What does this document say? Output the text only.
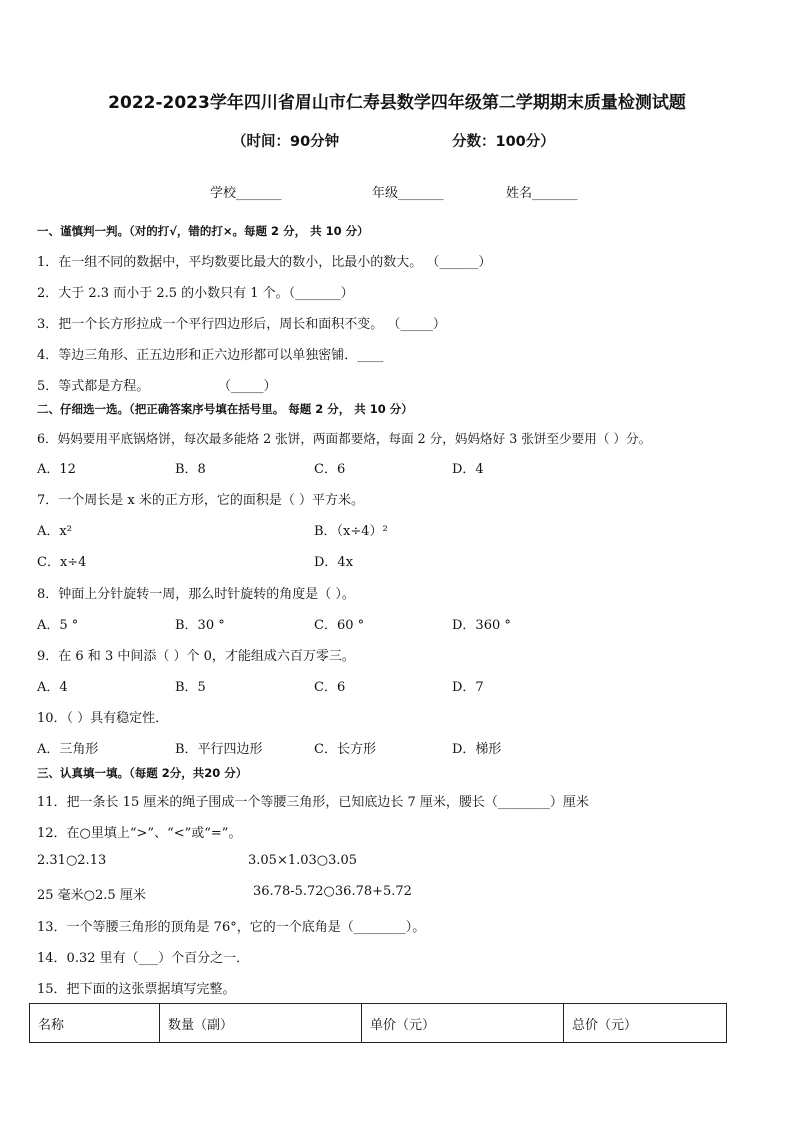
2022-2023学年四川省眉山市仁寿县数学四年级第二学期期末质量检测试题
（时间：90分钟	分数：100分）
学校_______	年级_______	姓名_______
一、谨慎判一判。（对的打√，错的打×。每题 2 分， 共 10 分）
1．在一组不同的数据中，平均数要比最大的数小，比最小的数大。 （______）
2．大于 2.3 而小于 2.5 的小数只有 1 个。（_______）
3．把一个长方形拉成一个平行四边形后，周长和面积不变。 （_____）
4．等边三角形、正五边形和正六边形都可以单独密铺．____
5．等式都是方程。	（_____）
二、仔细选一选。（把正确答案序号填在括号里。 每题 2 分， 共 10 分）
6．妈妈要用平底锅烙饼，每次最多能烙 2 张饼，两面都要烙，每面 2 分，妈妈烙好 3 张饼至少要用（ ）分。
A．12	B．8	C．6	D．4
7．一个周长是 x 米的正方形，它的面积是（ ）平方米。
A．x²	B．（x÷4）²
C．x÷4	D．4x
8．钟面上分针旋转一周，那么时针旋转的角度是（ ）。
A．5 °	B．30 °	C．60 °	D．360 °
9．在 6 和 3 中间添（ ）个 0，才能组成六百万零三。
A．4	B．5	C．6	D．7
10．（ ）具有稳定性．
A．三角形	B．平行四边形	C．长方形	D．梯形
三、认真填一填。（每题 2分，共20 分）
11．把一条长 15 厘米的绳子围成一个等腰三角形，已知底边长 7 厘米，腰长（________）厘米
12．在○里填上“>”、“<”或“=”。
2.31○2.13	3.05×1.03○3.05
25 毫米○2.5 厘米	36.78-5.72○36.78+5.72
13．一个等腰三角形的顶角是 76°，它的一个底角是（________）。
14．0.32 里有（___）个百分之一．
15．把下面的这张票据填写完整。
名称	数量（副）	单价（元）	总价（元）
